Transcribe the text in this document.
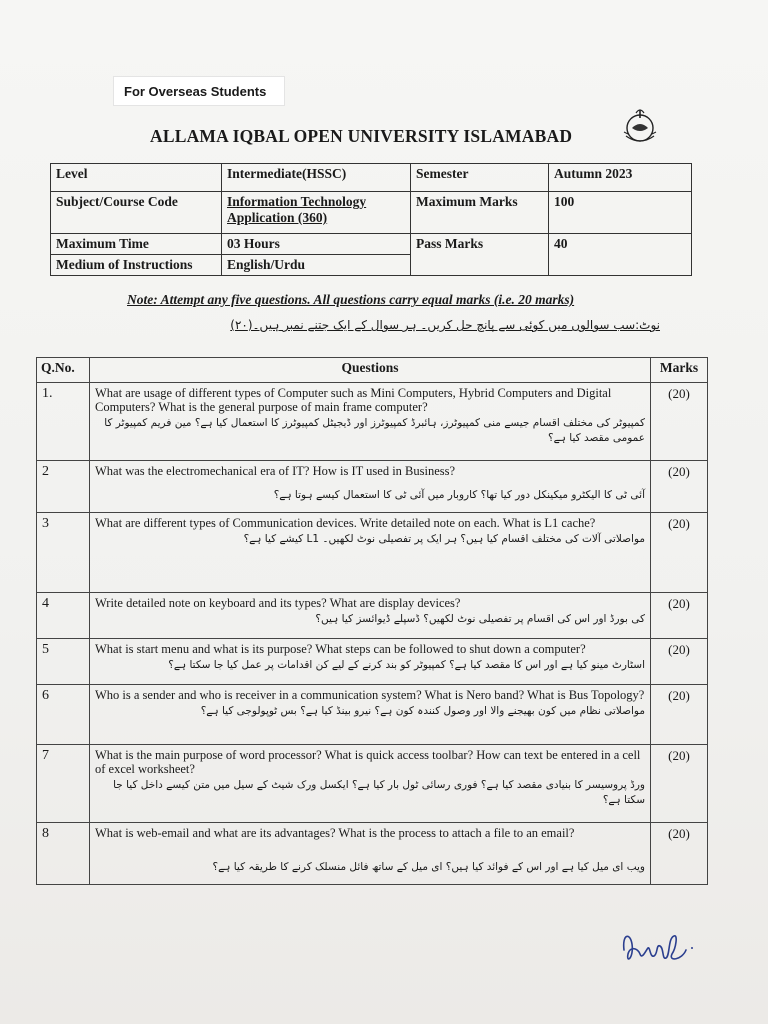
For Overseas Students
ALLAMA IQBAL OPEN UNIVERSITY ISLAMABAD
Level	Intermediate(HSSC)	Semester	Autumn 2023
Subject/Course Code	Information Technology Application (360)	Maximum Marks	100
Maximum Time	03 Hours	Pass Marks	40
Medium of Instructions	English/Urdu		
Note: Attempt any five questions. All questions carry equal marks (i.e. 20 marks)
نوٹ:سب سوالوں میں کوئی سے پانچ حل کریں۔ ہر سوال کے ایک جتنے نمبر ہیں۔(۲۰)
Q.No.	Questions	Marks
1.	What are usage of different types of Computer such as Mini Computers, Hybrid Computers and Digital Computers? What is the general purpose of main frame computer?
کمپیوٹر کی مختلف اقسام جیسے منی کمپیوٹرز، ہائبرڈ کمپیوٹرز اور ڈیجیٹل کمپیوٹرز کا استعمال کیا ہے؟ مین فریم کمپیوٹر کا عمومی مقصد کیا ہے؟	(20)
2	What was the electromechanical era of IT? How is IT used in Business?
آئی ٹی کا الیکٹرو میکینکل دور کیا تھا؟ کاروبار میں آئی ٹی کا استعمال کیسے ہوتا ہے؟	(20)
3	What are different types of Communication devices. Write detailed note on each. What is L1 cache?
مواصلاتی آلات کی مختلف اقسام کیا ہیں؟ ہر ایک پر تفصیلی نوٹ لکھیں۔ L1 کیشے کیا ہے؟	(20)
4	Write detailed note on keyboard and its types? What are display devices?
کی بورڈ اور اس کی اقسام پر تفصیلی نوٹ لکھیں؟ ڈسپلے ڈیوائسز کیا ہیں؟	(20)
5	What is start menu and what is its purpose? What steps can be followed to shut down a computer?
اسٹارٹ مینو کیا ہے اور اس کا مقصد کیا ہے؟ کمپیوٹر کو بند کرنے کے لیے کن اقدامات پر عمل کیا جا سکتا ہے؟	(20)
6	Who is a sender and who is receiver in a communication system? What is Nero band? What is Bus Topology?
مواصلاتی نظام میں کون بھیجنے والا اور وصول کنندہ کون ہے؟ نیرو بینڈ کیا ہے؟ بس ٹوپولوجی کیا ہے؟	(20)
7	What is the main purpose of word processor? What is quick access toolbar? How can text be entered in a cell of excel worksheet?
ورڈ پروسیسر کا بنیادی مقصد کیا ہے؟ فوری رسائی ٹول بار کیا ہے؟ ایکسل ورک شیٹ کے سیل میں متن کیسے داخل کیا جا سکتا ہے؟	(20)
8	What is web-email and what are its advantages? What is the process to attach a file to an email?
ویب ای میل کیا ہے اور اس کے فوائد کیا ہیں؟ ای میل کے ساتھ فائل منسلک کرنے کا طریقہ کیا ہے؟	(20)
